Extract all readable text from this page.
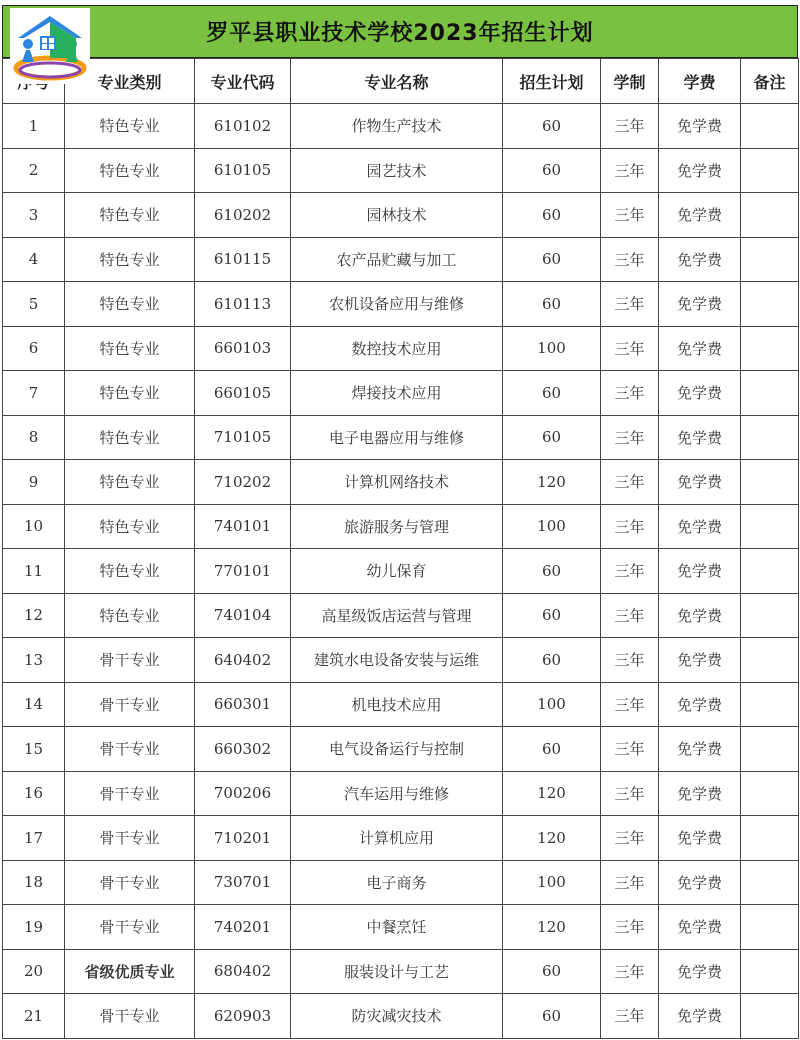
罗平县职业技术学校2023年招生计划
	专业类别	专业代码	专业名称	招生计划	学制	学费	备注
1	特色专业	610102	作物生产技术	60	三年	免学费	
2	特色专业	610105	园艺技术	60	三年	免学费	
3	特色专业	610202	园林技术	60	三年	免学费	
4	特色专业	610115	农产品贮藏与加工	60	三年	免学费	
5	特色专业	610113	农机设备应用与维修	60	三年	免学费	
6	特色专业	660103	数控技术应用	100	三年	免学费	
7	特色专业	660105	焊接技术应用	60	三年	免学费	
8	特色专业	710105	电子电器应用与维修	60	三年	免学费	
9	特色专业	710202	计算机网络技术	120	三年	免学费	
10	特色专业	740101	旅游服务与管理	100	三年	免学费	
11	特色专业	770101	幼儿保育	60	三年	免学费	
12	特色专业	740104	高星级饭店运营与管理	60	三年	免学费	
13	骨干专业	640402	建筑水电设备安装与运维	60	三年	免学费	
14	骨干专业	660301	机电技术应用	100	三年	免学费	
15	骨干专业	660302	电气设备运行与控制	60	三年	免学费	
16	骨干专业	700206	汽车运用与维修	120	三年	免学费	
17	骨干专业	710201	计算机应用	120	三年	免学费	
18	骨干专业	730701	电子商务	100	三年	免学费	
19	骨干专业	740201	中餐烹饪	120	三年	免学费	
20	省级优质专业	680402	服装设计与工艺	60	三年	免学费	
21	骨干专业	620903	防灾减灾技术	60	三年	免学费	
